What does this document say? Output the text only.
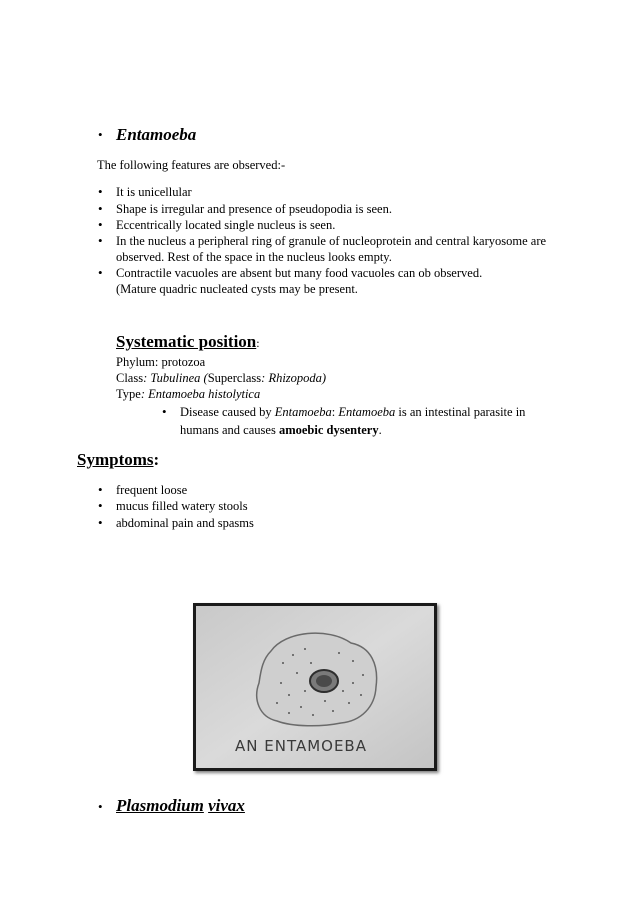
• Entamoeba
The following features are observed:-
• It is unicellular
• Shape is irregular and presence of pseudopodia is seen.
• Eccentrically located single nucleus is seen.
• In the nucleus a peripheral ring of granule of nucleoprotein and central karyosome are
observed. Rest of the space in the nucleus looks empty.
• Contractile vacuoles are absent but many food vacuoles can ob observed.
(Mature quadric nucleated cysts may be present.
Systematic position:
Phylum: protozoa
Class: Tubulinea (Superclass: Rhizopoda)
Type: Entamoeba histolytica
• Disease caused by Entamoeba: Entamoeba is an intestinal parasite in
humans and causes amoebic dysentery.
Symptoms:
• frequent loose
• mucus filled watery stools
• abdominal pain and spasms
AN ENTAMOEBA
• Plasmodium vivax
